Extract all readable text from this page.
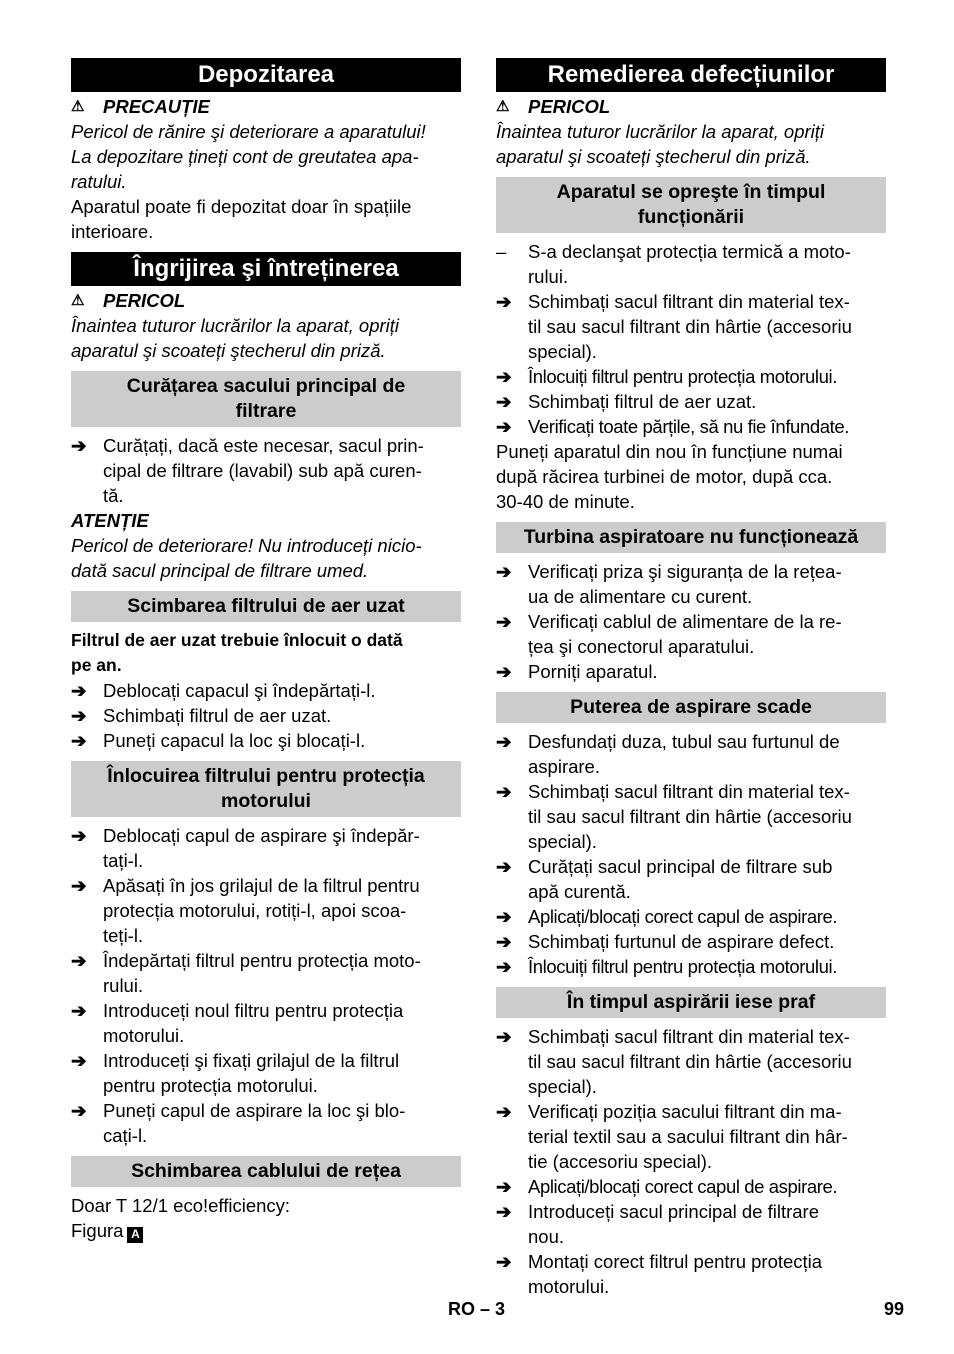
Depozitarea
⚠ PRECAUȚIE
Pericol de rănire şi deteriorare a aparatului!
La depozitare țineți cont de greutatea apa-
ratului.
Aparatul poate fi depozitat doar în spațiile
interioare.
Îngrijirea şi întreținerea
⚠ PERICOL
Înaintea tuturor lucrărilor la aparat, opriți
aparatul şi scoateți ştecherul din priză.
Curățarea sacului principal de
filtrare
➔ Curățați, dacă este necesar, sacul prin-
cipal de filtrare (lavabil) sub apă curen-
tă.
ATENȚIE
Pericol de deteriorare! Nu introduceți nicio-
dată sacul principal de filtrare umed.
Scimbarea filtrului de aer uzat
Filtrul de aer uzat trebuie înlocuit o dată
pe an.
➔ Deblocați capacul şi îndepărtați-l.
➔ Schimbați filtrul de aer uzat.
➔ Puneți capacul la loc şi blocați-l.
Înlocuirea filtrului pentru protecția
motorului
➔ Deblocați capul de aspirare şi îndepăr-
tați-l.
➔ Apăsați în jos grilajul de la filtrul pentru
protecția motorului, rotiți-l, apoi scoa-
teți-l.
➔ Îndepărtați filtrul pentru protecția moto-
rului.
➔ Introduceți noul filtru pentru protecția
motorului.
➔ Introduceți şi fixați grilajul de la filtrul
pentru protecția motorului.
➔ Puneți capul de aspirare la loc şi blo-
cați-l.
Schimbarea cablului de rețea
Doar T 12/1 eco!efficiency:
Figura A
Remedierea defecțiunilor
⚠ PERICOL
Înaintea tuturor lucrărilor la aparat, opriți
aparatul şi scoateți ştecherul din priză.
Aparatul se opreşte în timpul
funcționării
–	S-a declanşat protecția termică a moto-
rului.
➔ Schimbați sacul filtrant din material tex-
til sau sacul filtrant din hârtie (accesoriu
special).
➔ Înlocuiți filtrul pentru protecția motorului.
➔ Schimbați filtrul de aer uzat.
➔ Verificați toate părțile, să nu fie înfundate.
Puneți aparatul din nou în funcțiune numai
după răcirea turbinei de motor, după cca.
30-40 de minute.
Turbina aspiratoare nu funcționează
➔ Verificați priza şi siguranța de la rețea-
ua de alimentare cu curent.
➔ Verificați cablul de alimentare de la re-
țea şi conectorul aparatului.
➔ Porniți aparatul.
Puterea de aspirare scade
➔ Desfundați duza, tubul sau furtunul de
aspirare.
➔ Schimbați sacul filtrant din material tex-
til sau sacul filtrant din hârtie (accesoriu
special).
➔ Curățați sacul principal de filtrare sub
apă curentă.
➔ Aplicați/blocați corect capul de aspirare.
➔ Schimbați furtunul de aspirare defect.
➔ Înlocuiți filtrul pentru protecția motorului.
În timpul aspirării iese praf
➔ Schimbați sacul filtrant din material tex-
til sau sacul filtrant din hârtie (accesoriu
special).
➔ Verificați poziția sacului filtrant din ma-
terial textil sau a sacului filtrant din hâr-
tie (accesoriu special).
➔ Aplicați/blocați corect capul de aspirare.
➔ Introduceți sacul principal de filtrare
nou.
➔ Montați corect filtrul pentru protecția
motorului.
RO – 3	99
